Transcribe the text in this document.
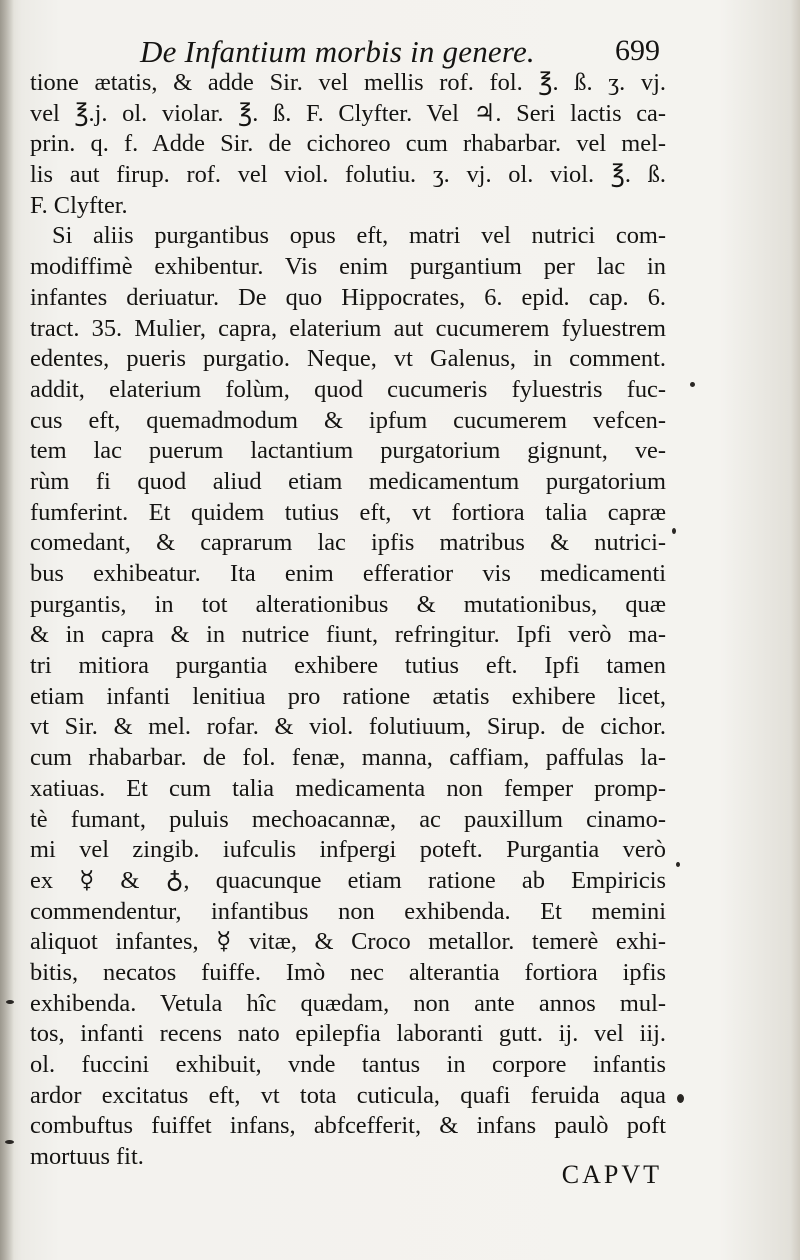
De Infantium morbis in genere.	699
tione ætatis, & adde Sir. vel mellis rof. fol. ℥. ß. ʒ. vj.
vel ℥.j. ol. violar. ℥. ß. F. Clyfter. Vel ♃. Seri lactis ca-
prin. q. f. Adde Sir. de cichoreo cum rhabarbar. vel mel-
lis aut firup. rof. vel viol. folutiu. ʒ. vj. ol. viol. ℥. ß.
F. Clyfter.
Si aliis purgantibus opus eft, matri vel nutrici com-
modiffimè exhibentur. Vis enim purgantium per lac in
infantes deriuatur. De quo Hippocrates, 6. epid. cap. 6.
tract. 35. Mulier, capra, elaterium aut cucumerem fyluestrem
edentes, pueris purgatio. Neque, vt Galenus, in comment.
addit, elaterium folùm, quod cucumeris fyluestris fuc-
cus eft, quemadmodum & ipfum cucumerem vefcen-
tem lac puerum lactantium purgatorium gignunt, ve-
rùm fi quod aliud etiam medicamentum purgatorium
fumferint. Et quidem tutius eft, vt fortiora talia capræ
comedant, & caprarum lac ipfis matribus & nutrici-
bus exhibeatur. Ita enim efferatior vis medicamenti
purgantis, in tot alterationibus & mutationibus, quæ
& in capra & in nutrice fiunt, refringitur. Ipfi verò ma-
tri mitiora purgantia exhibere tutius eft. Ipfi tamen
etiam infanti lenitiua pro ratione ætatis exhibere licet,
vt Sir. & mel. rofar. & viol. folutiuum, Sirup. de cichor.
cum rhabarbar. de fol. fenæ, manna, caffiam, paffulas la-
xatiuas. Et cum talia medicamenta non femper promp-
tè fumant, puluis mechoacannæ, ac pauxillum cinamo-
mi vel zingib. iufculis infpergi poteft. Purgantia verò
ex ☿ & ♁, quacunque etiam ratione ab Empiricis
commendentur, infantibus non exhibenda. Et memini
aliquot infantes, ☿ vitæ, & Croco metallor. temerè exhi-
bitis, necatos fuiffe. Imò nec alterantia fortiora ipfis
exhibenda. Vetula hîc quædam, non ante annos mul-
tos, infanti recens nato epilepfia laboranti gutt. ij. vel iij.
ol. fuccini exhibuit, vnde tantus in corpore infantis
ardor excitatus eft, vt tota cuticula, quafi feruida aqua
combuftus fuiffet infans, abfcefferit, & infans paulò poft
mortuus fit.
CAPVT
